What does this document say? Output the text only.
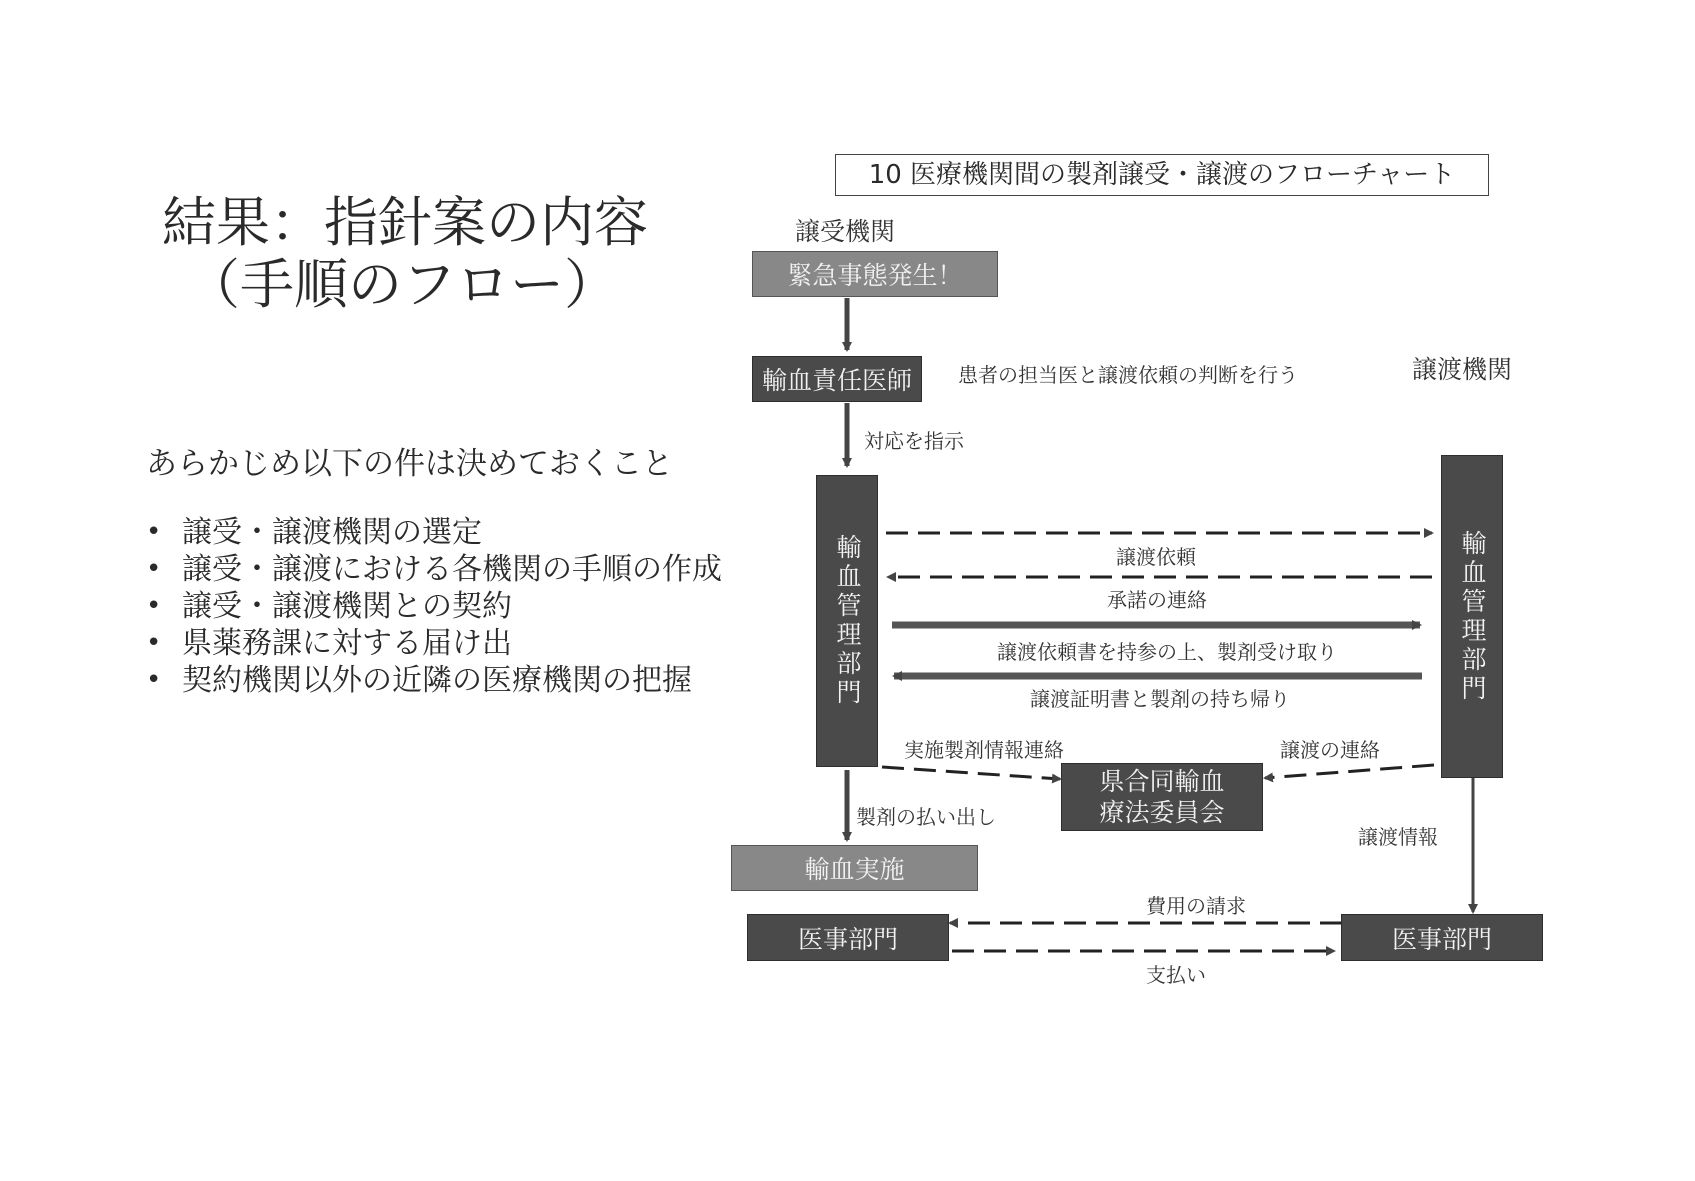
結果：指針案の内容
（手順のフロー）
あらかじめ以下の件は決めておくこと
• 譲受・譲渡機関の選定
• 譲受・譲渡における各機関の手順の作成
• 譲受・譲渡機関との契約
• 県薬務課に対する届け出
• 契約機関以外の近隣の医療機関の把握
10 医療機関間の製剤譲受・譲渡のフローチャート
譲受機関
譲渡機関
緊急事態発生！
輸血責任医師
輸血管理部門	輸血管理部門
県合同輸血
療法委員会
輸血実施
医事部門	医事部門
患者の担当医と譲渡依頼の判断を行う
対応を指示
譲渡依頼
承諾の連絡
譲渡依頼書を持参の上、製剤受け取り
譲渡証明書と製剤の持ち帰り
実施製剤情報連絡	譲渡の連絡
製剤の払い出し
譲渡情報
費用の請求
支払い
